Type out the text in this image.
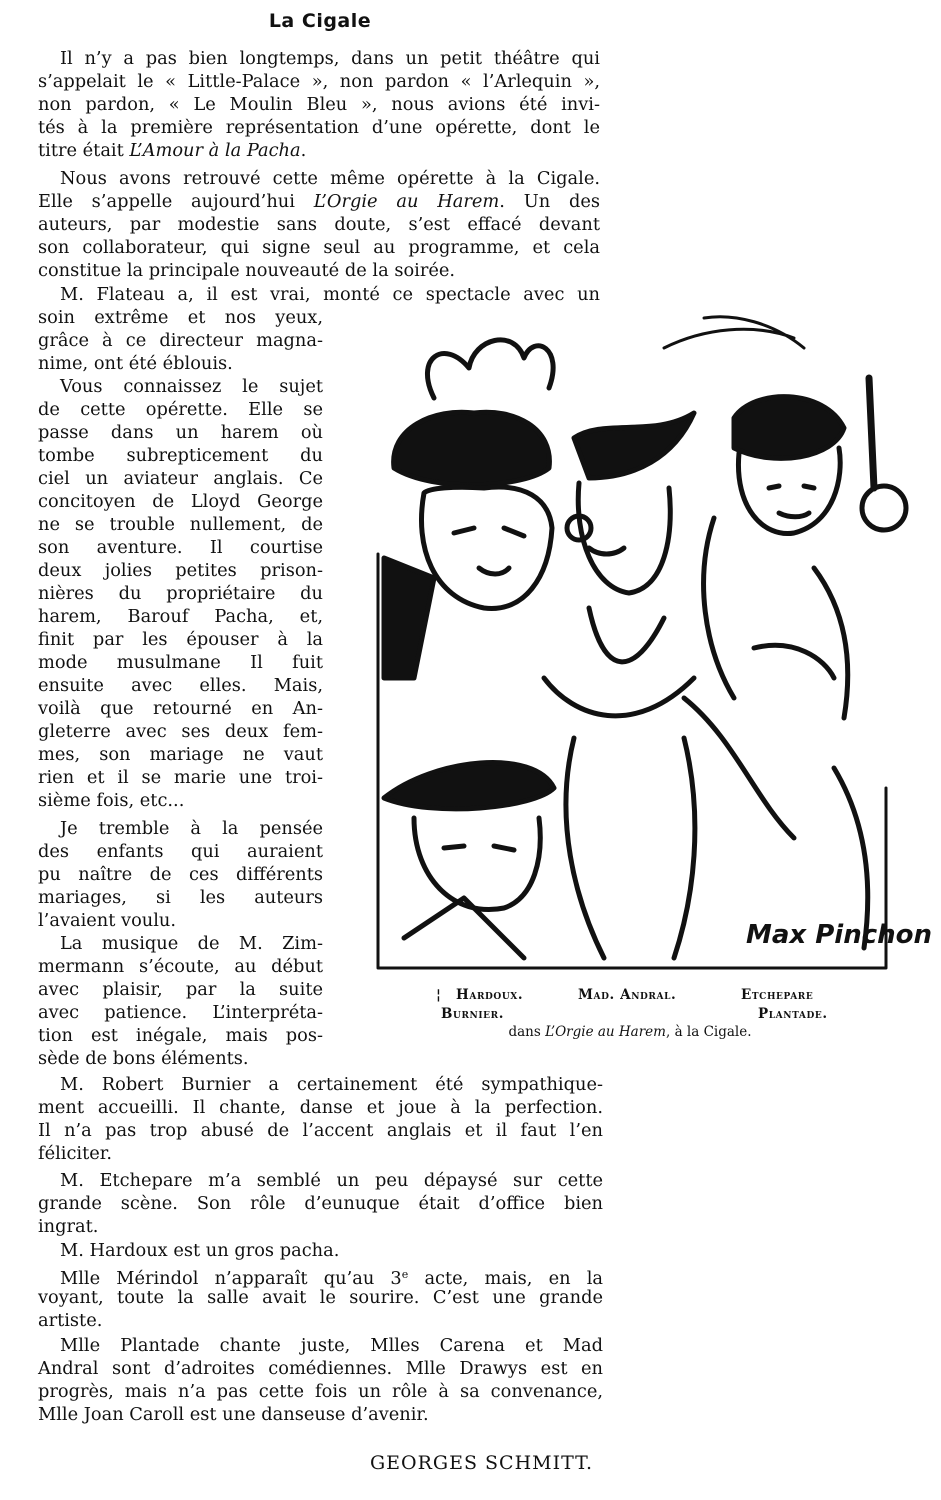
La Cigale
Il n’y a pas bien longtemps, dans un petit théâtre qui
s’appelait le « Little-Palace », non pardon « l’Arlequin »,
non pardon, « Le Moulin Bleu », nous avions été invi-
tés à la première représentation d’une opérette, dont le
titre était L’Amour à la Pacha.
Nous avons retrouvé cette même opérette à la Cigale.
Elle s’appelle aujourd’hui L’Orgie au Harem. Un des
auteurs, par modestie sans doute, s’est effacé devant
son collaborateur, qui signe seul au programme, et cela
constitue la principale nouveauté de la soirée.
M. Flateau a, il est vrai, monté ce spectacle avec un
soin extrême et nos yeux,
grâce à ce directeur magna-
nime, ont été éblouis.
Vous connaissez le sujet
de cette opérette. Elle se
passe dans un harem où
tombe subrepticement du
ciel un aviateur anglais. Ce
concitoyen de Lloyd George
ne se trouble nullement, de
son aventure. Il courtise
deux jolies petites prison-
nières du propriétaire du
harem, Barouf Pacha, et,
finit par les épouser à la
mode musulmane Il fuit
ensuite avec elles. Mais,
voilà que retourné en An-
gleterre avec ses deux fem-
mes, son mariage ne vaut
rien et il se marie une troi-
sième fois, etc...
Je tremble à la pensée
des enfants qui auraient
pu naître de ces différents
mariages, si les auteurs
l’avaient voulu.
La musique de M. Zim-
mermann s’écoute, au début
avec plaisir, par la suite
avec patience. L’interpréta-
tion est inégale, mais pos-
sède de bons éléments.
M. Robert Burnier a certainement été sympathique-
ment accueilli. Il chante, danse et joue à la perfection.
Il n’a pas trop abusé de l’accent anglais et il faut l’en
féliciter.
M. Etchepare m’a semblé un peu dépaysé sur cette
grande scène. Son rôle d’eunuque était d’office bien
ingrat.
M. Hardoux est un gros pacha.
Mlle Mérindol n’apparaît qu’au 3e acte, mais, en la
voyant, toute la salle avait le sourire. C’est une grande
artiste.
Mlle Plantade chante juste, Mlles Carena et Mad
Andral sont d’adroites comédiennes. Mlle Drawys est en
progrès, mais n’a pas cette fois un rôle à sa convenance,
Mlle Joan Caroll est une danseuse d’avenir.
Max Pinchon
¦ Hardoux.	Mad. Andral.	Etchepare
Burnier.	Plantade.
dans L’Orgie au Harem, à la Cigale.
GEORGES SCHMITT.
